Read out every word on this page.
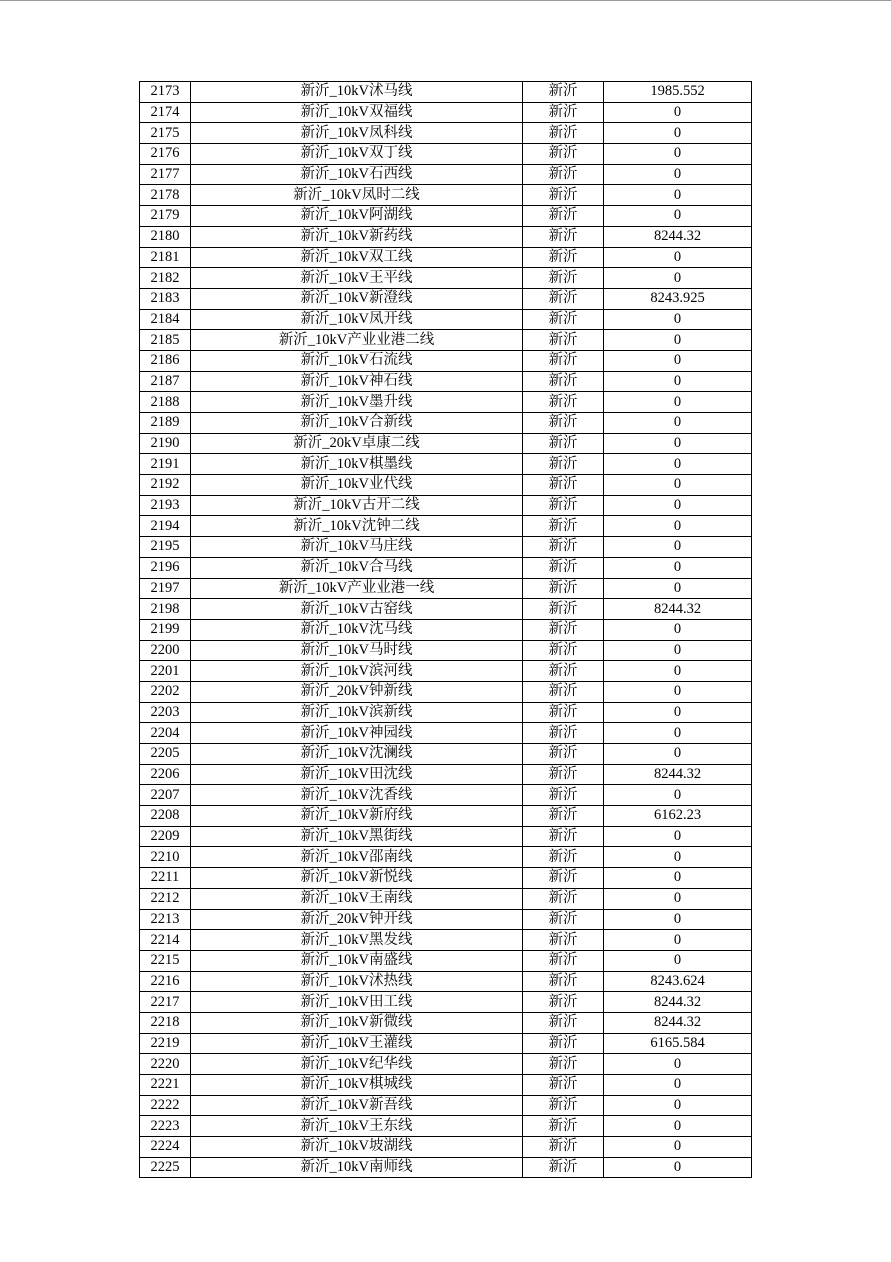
2173	新沂_10kV沭马线	新沂	1985.552
2174	新沂_10kV双福线	新沂	0
2175	新沂_10kV凤科线	新沂	0
2176	新沂_10kV双丁线	新沂	0
2177	新沂_10kV石西线	新沂	0
2178	新沂_10kV凤时二线	新沂	0
2179	新沂_10kV阿湖线	新沂	0
2180	新沂_10kV新药线	新沂	8244.32
2181	新沂_10kV双工线	新沂	0
2182	新沂_10kV王平线	新沂	0
2183	新沂_10kV新澄线	新沂	8243.925
2184	新沂_10kV凤开线	新沂	0
2185	新沂_10kV产业业港二线	新沂	0
2186	新沂_10kV石流线	新沂	0
2187	新沂_10kV神石线	新沂	0
2188	新沂_10kV墨升线	新沂	0
2189	新沂_10kV合新线	新沂	0
2190	新沂_20kV卓康二线	新沂	0
2191	新沂_10kV棋墨线	新沂	0
2192	新沂_10kV业代线	新沂	0
2193	新沂_10kV古开二线	新沂	0
2194	新沂_10kV沈钟二线	新沂	0
2195	新沂_10kV马庄线	新沂	0
2196	新沂_10kV合马线	新沂	0
2197	新沂_10kV产业业港一线	新沂	0
2198	新沂_10kV古窑线	新沂	8244.32
2199	新沂_10kV沈马线	新沂	0
2200	新沂_10kV马时线	新沂	0
2201	新沂_10kV滨河线	新沂	0
2202	新沂_20kV钟新线	新沂	0
2203	新沂_10kV滨新线	新沂	0
2204	新沂_10kV神园线	新沂	0
2205	新沂_10kV沈澜线	新沂	0
2206	新沂_10kV田沈线	新沂	8244.32
2207	新沂_10kV沈香线	新沂	0
2208	新沂_10kV新府线	新沂	6162.23
2209	新沂_10kV黑街线	新沂	0
2210	新沂_10kV邵南线	新沂	0
2211	新沂_10kV新悦线	新沂	0
2212	新沂_10kV王南线	新沂	0
2213	新沂_20kV钟开线	新沂	0
2214	新沂_10kV黑发线	新沂	0
2215	新沂_10kV南盛线	新沂	0
2216	新沂_10kV沭热线	新沂	8243.624
2217	新沂_10kV田工线	新沂	8244.32
2218	新沂_10kV新微线	新沂	8244.32
2219	新沂_10kV王灌线	新沂	6165.584
2220	新沂_10kV纪华线	新沂	0
2221	新沂_10kV棋城线	新沂	0
2222	新沂_10kV新吾线	新沂	0
2223	新沂_10kV王东线	新沂	0
2224	新沂_10kV坡湖线	新沂	0
2225	新沂_10kV南师线	新沂	0
